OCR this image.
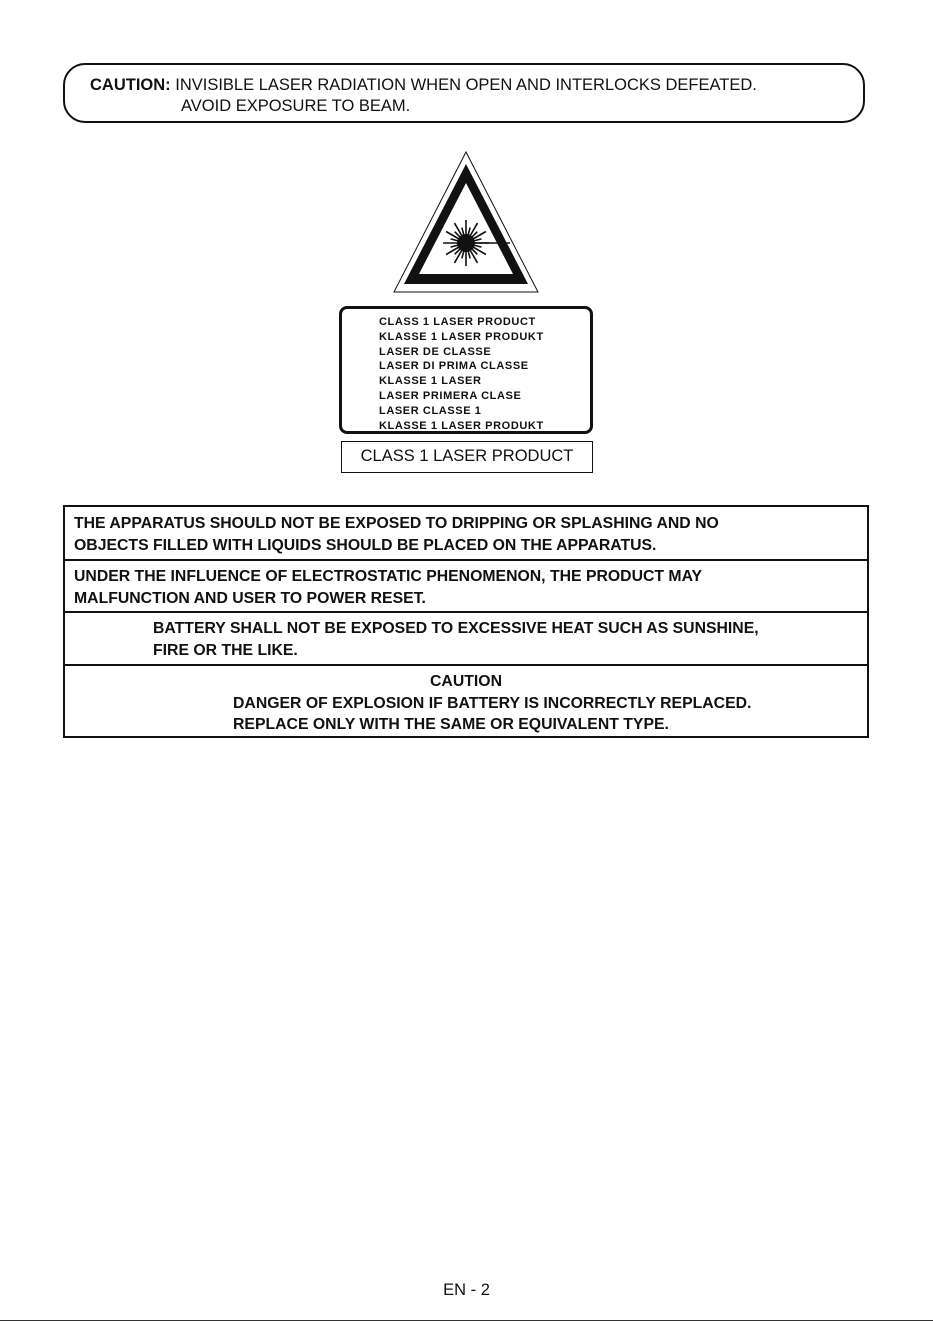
CAUTION: INVISIBLE LASER RADIATION WHEN OPEN AND INTERLOCKS DEFEATED.
AVOID EXPOSURE TO BEAM.
CLASS 1 LASER PRODUCT
KLASSE 1 LASER PRODUKT
LASER DE CLASSE
LASER DI PRIMA CLASSE
KLASSE 1 LASER
LASER PRIMERA CLASE
LASER CLASSE 1
KLASSE 1 LASER PRODUKT
CLASS 1 LASER PRODUCT
THE APPARATUS SHOULD NOT BE EXPOSED TO DRIPPING OR SPLASHING AND NO
OBJECTS FILLED WITH LIQUIDS SHOULD BE PLACED ON THE APPARATUS.
UNDER THE INFLUENCE OF ELECTROSTATIC PHENOMENON, THE PRODUCT MAY
MALFUNCTION AND USER TO POWER RESET.
BATTERY SHALL NOT BE EXPOSED TO EXCESSIVE HEAT SUCH AS SUNSHINE,
FIRE OR THE LIKE.
CAUTION
DANGER OF EXPLOSION IF BATTERY IS INCORRECTLY REPLACED.
REPLACE ONLY WITH THE SAME OR EQUIVALENT TYPE.
EN - 2
